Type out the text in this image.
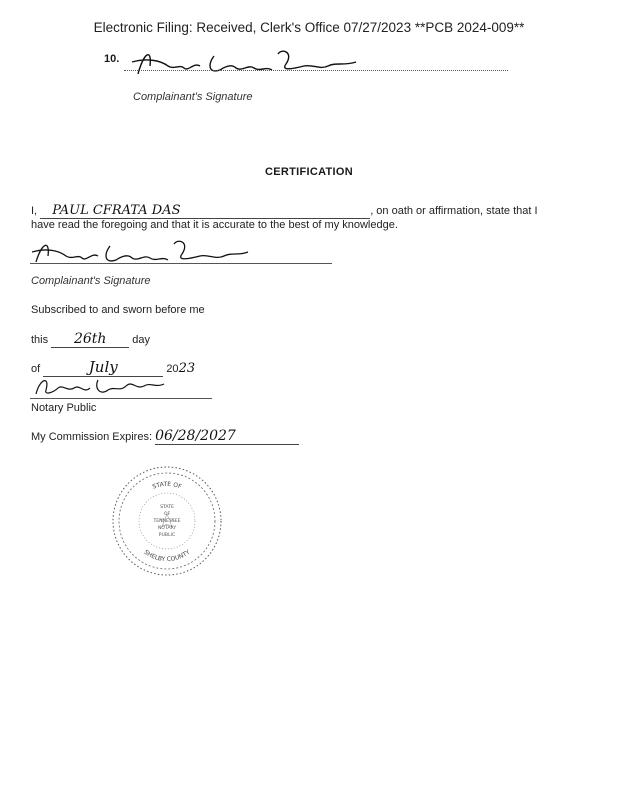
Electronic Filing: Received, Clerk's Office 07/27/2023 **PCB 2024-009**
10.
Complainant's Signature
CERTIFICATION
I, PAUL CFRATA DAS	, on oath or affirmation, state that I
have read the foregoing and that it is accurate to the best of my knowledge.
Complainant's Signature
Subscribed to and sworn before me
this 26th day
of	July	2023
Notary Public
My Commission Expires: 06/28/2027
STATE OF
SHELBY COUNTY
STATE
OF
TENNESSEE
NOTARY
PUBLIC
